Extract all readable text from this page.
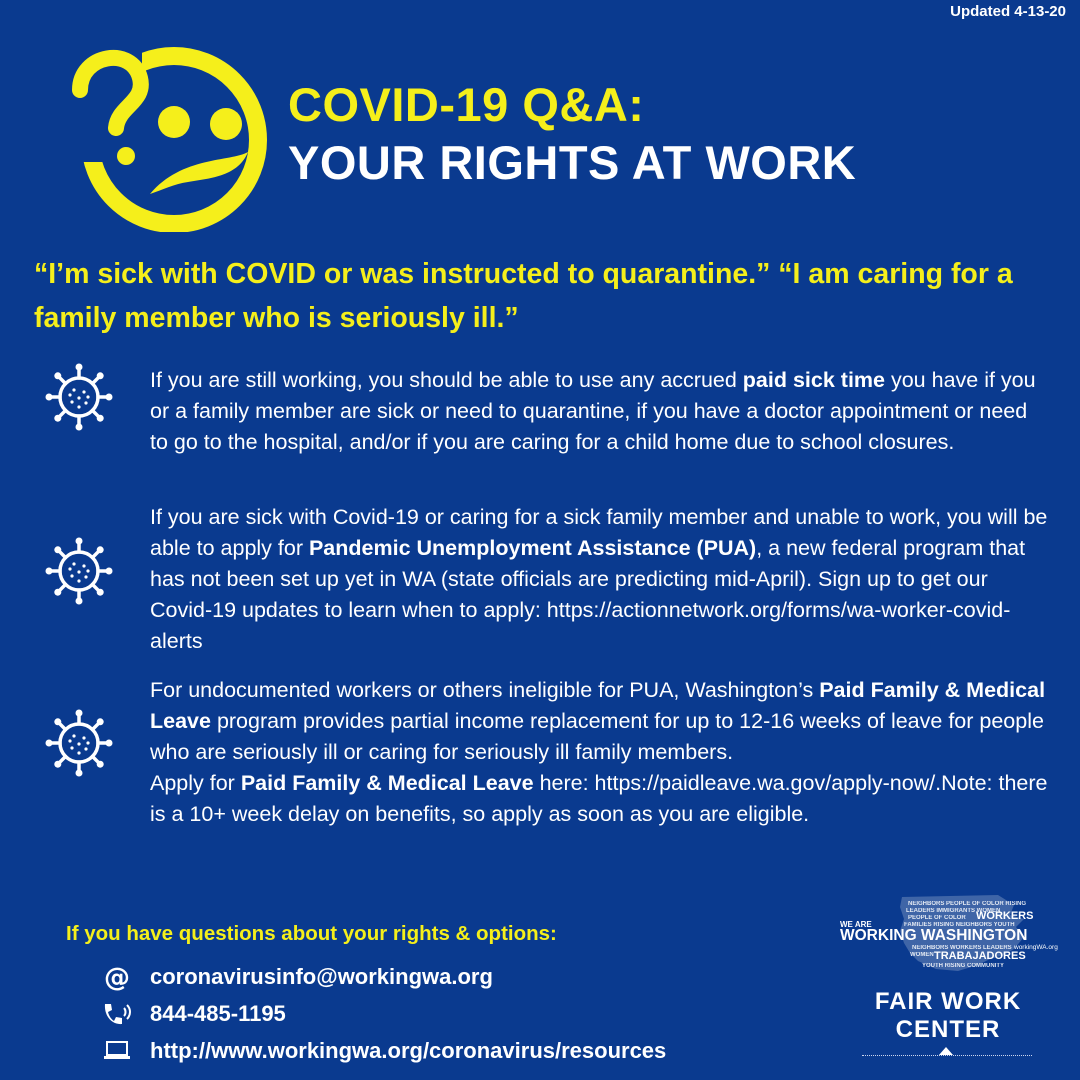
Updated 4-13-20
COVID-19 Q&A:
YOUR RIGHTS AT WORK
“I’m sick with COVID or was instructed to quarantine.” “I am caring for a family member who is seriously ill.”
If you are still working, you should be able to use any accrued paid sick time you have if you or a family member are sick or need to quarantine, if you have a doctor appointment or need to go to the hospital, and/or if you are caring for a child home due to school closures.
If you are sick with Covid-19 or caring for a sick family member and unable to work, you will be able to apply for Pandemic Unemployment Assistance (PUA), a new federal program that has not been set up yet in WA (state officials are predicting mid-April). Sign up to get our Covid-19 updates to learn when to apply: https://actionnetwork.org/forms/wa-worker-covid-alerts
For undocumented workers or others ineligible for PUA, Washington’s Paid Family & Medical Leave program provides partial income replacement for up to 12-16 weeks of leave for people who are seriously ill or caring for seriously ill family members.
Apply for Paid Family & Medical Leave here: https://paidleave.wa.gov/apply-now/.Note: there is a 10+ week delay on benefits, so apply as soon as you are eligible.
If you have questions about your rights & options:
@ coronavirusinfo@workingwa.org
844-485-1195
http://www.workingwa.org/coronavirus/resources
NEIGHBORS PEOPLE OF COLOR RISING
LEADERS IMMIGRANTS WOMEN
PEOPLE OF COLOR WORKERS
FAMILIES RISING NEIGHBORS YOUTH
WE ARE
WORKING WASHINGTON
workingWA.org
NEIGHBORS WORKERS LEADERS
WOMEN TRABAJADORES
YOUTH RISING COMMUNITY
FAIR WORK
CENTER
